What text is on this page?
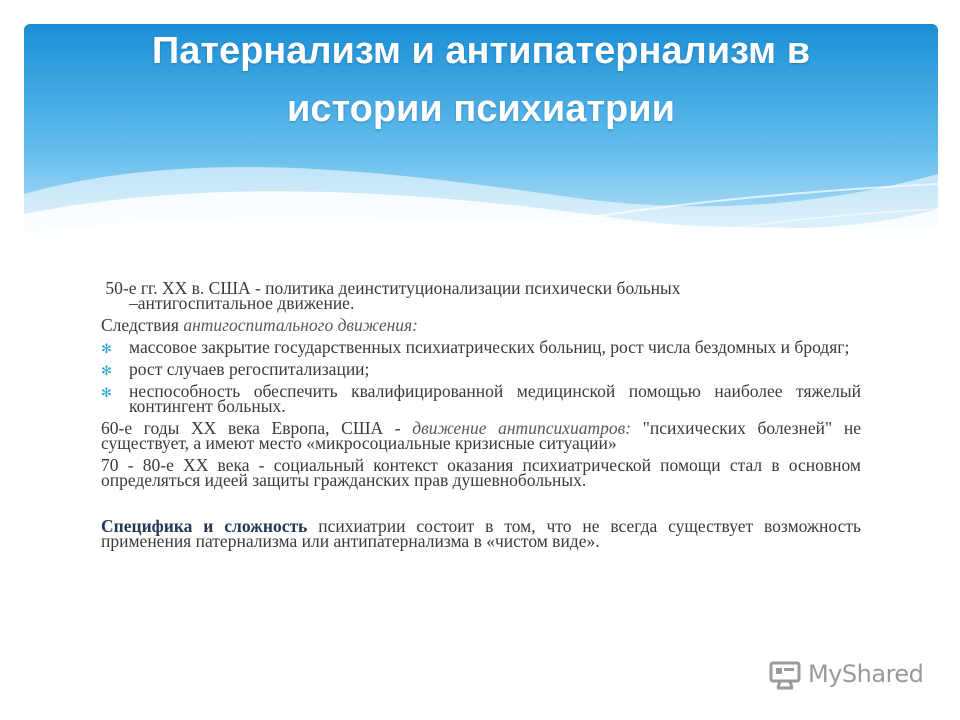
Патернализм и антипатернализм в
истории психиатрии

50-е гг. XX в. США - политика деинституционализации психически больных
–антигоспитальное движение.

Следствия антигоспитального движения:

✻ массовое закрытие государственных психиатрических больниц, рост числа бездомных и бродяг;

✻ рост случаев регоспитализации;

✻ неспособность обеспечить квалифицированной медицинской помощью наиболее тяжелый контингент больных.

60-е годы XX века Европа, США - движение антипсихиатров: "психических болезней" не существует, а имеют место «микросоциальные кризисные ситуации»

70 - 80-е XX века - социальный контекст оказания психиатрической помощи стал в основном определяться идеей защиты гражданских прав душевнобольных.

Специфика и сложность психиатрии состоит в том, что не всегда существует возможность применения патернализма или антипатернализма в «чистом виде».

MyShared
